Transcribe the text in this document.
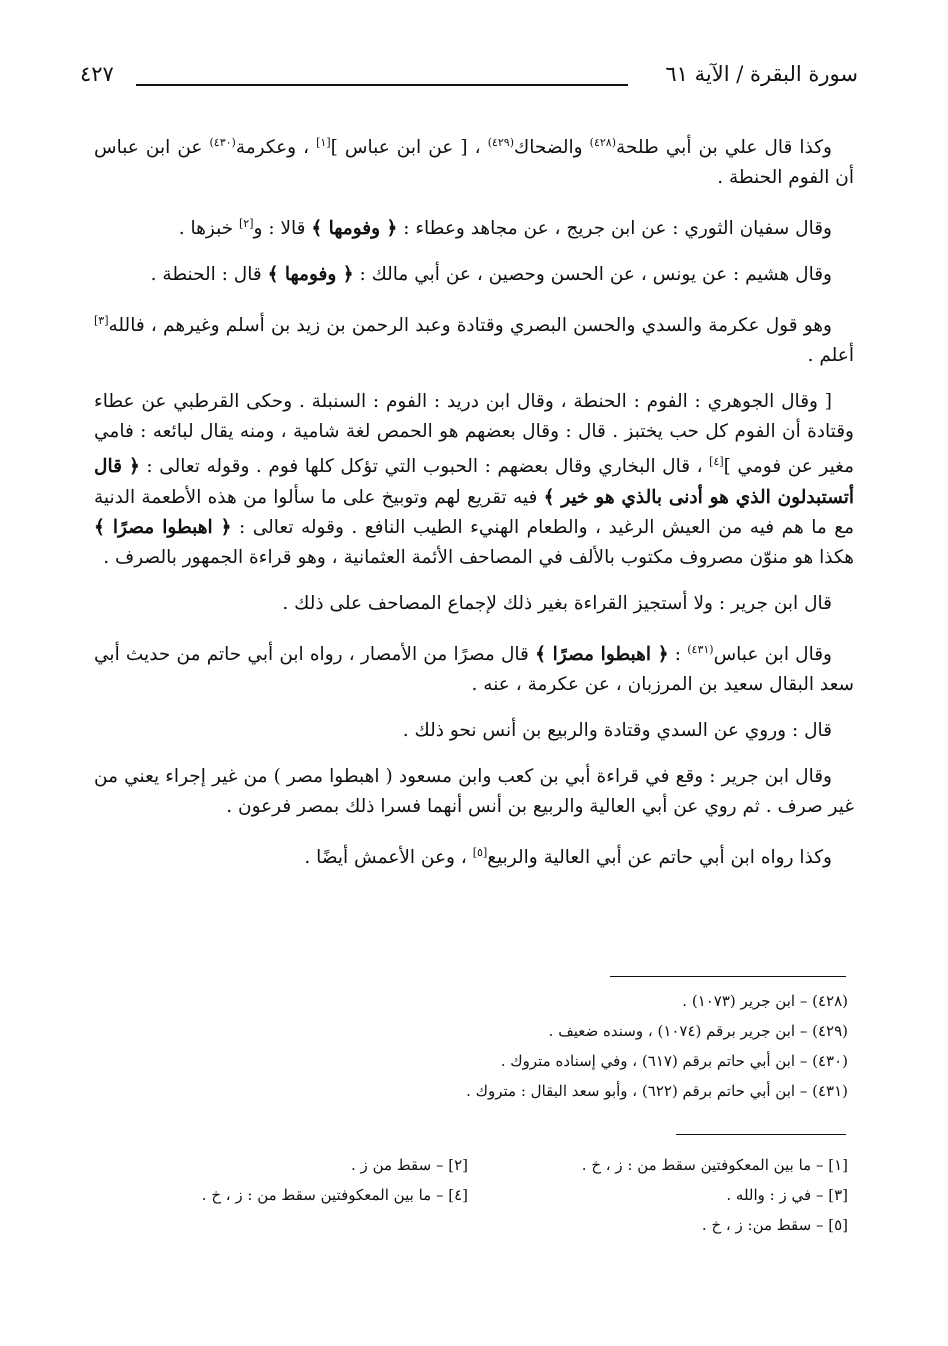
سورة البقرة / الآية ٦١
٤٢٧

وكذا قال علي بن أبي طلحة$^{(٤٢٨)}$ والضحاك$^{(٤٢٩)}$ ، [ عن ابن عباس ][١] ، وعكرمة$^{(٤٣٠)}$ عن ابن عباس أن الفوم الحنطة .

وقال سفيان الثوري : عن ابن جريج ، عن مجاهد وعطاء : ﴿ وفومها ﴾ قالا : و[٢] خبزها .

وقال هشيم : عن يونس ، عن الحسن وحصين ، عن أبي مالك : ﴿ وفومها ﴾ قال : الحنطة .

وهو قول عكرمة والسدي والحسن البصري وقتادة وعبد الرحمن بن زيد بن أسلم وغيرهم ، فالله[٣] أعلم .

[ وقال الجوهري : الفوم : الحنطة ، وقال ابن دريد : الفوم : السنبلة . وحكى القرطبي عن عطاء وقتادة أن الفوم كل حب يختبز . قال : وقال بعضهم هو الحمص لغة شامية ، ومنه يقال لبائعه : فامي مغير عن فومي ][٤] ، قال البخاري وقال بعضهم : الحبوب التي تؤكل كلها فوم . وقوله تعالى : ﴿ قال أتستبدلون الذي هو أدنى بالذي هو خير ﴾ فيه تقريع لهم وتوبيخ على ما سألوا من هذه الأطعمة الدنية مع ما هم فيه من العيش الرغيد ، والطعام الهنيء الطيب النافع . وقوله تعالى : ﴿ اهبطوا مصرًا ﴾ هكذا هو منوّن مصروف مكتوب بالألف في المصاحف الأئمة العثمانية ، وهو قراءة الجمهور بالصرف .

قال ابن جرير : ولا أستجيز القراءة بغير ذلك لإجماع المصاحف على ذلك .

وقال ابن عباس$^{(٤٣١)}$ : ﴿ اهبطوا مصرًا ﴾ قال مصرًا من الأمصار ، رواه ابن أبي حاتم من حديث أبي سعد البقال سعيد بن المرزبان ، عن عكرمة ، عنه .

قال : وروي عن السدي وقتادة والربيع بن أنس نحو ذلك .

وقال ابن جرير : وقع في قراءة أبي بن كعب وابن مسعود ( اهبطوا مصر ) من غير إجراء يعني من غير صرف . ثم روي عن أبي العالية والربيع بن أنس أنهما فسرا ذلك بمصر فرعون .

وكذا رواه ابن أبي حاتم عن أبي العالية والربيع[٥] ، وعن الأعمش أيضًا .

(٤٢٨) – ابن جرير (١٠٧٣) .
(٤٢٩) – ابن جرير برقم (١٠٧٤) ، وسنده ضعيف .
(٤٣٠) – ابن أبي حاتم برقم (٦١٧) ، وفي إسناده متروك .
(٤٣١) – ابن أبي حاتم برقم (٦٢٢) ، وأبو سعد البقال : متروك .
[١] – ما بين المعكوفتين سقط من : ز ، خ .
[٢] – سقط من ز .
[٣] – في ز : والله .
[٤] – ما بين المعكوفتين سقط من : ز ، خ .
[٥] – سقط من: ز ، خ .
